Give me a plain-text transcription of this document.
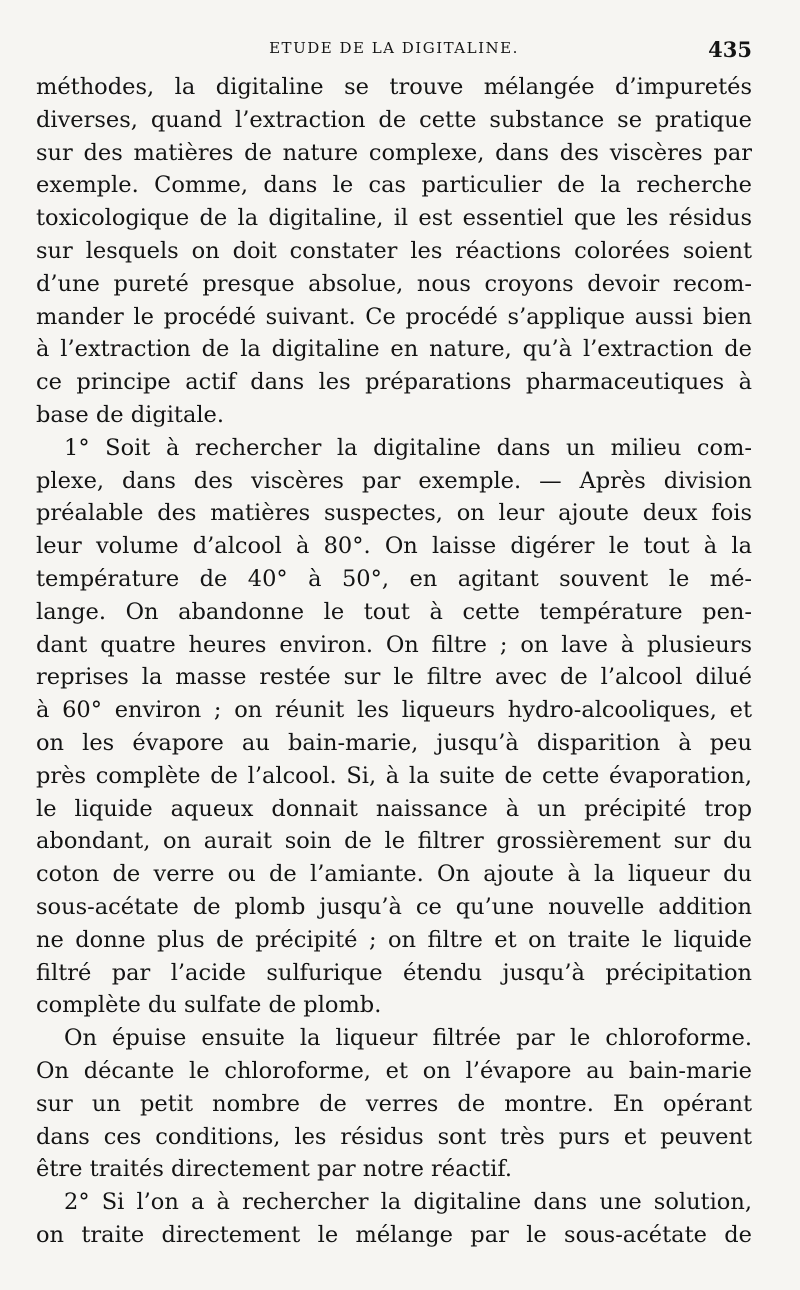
ETUDE DE LA DIGITALINE.	435

méthodes, la digitaline se trouve mélangée d’impuretés
diverses, quand l’extraction de cette substance se pratique
sur des matières de nature complexe, dans des viscères par
exemple. Comme, dans le cas particulier de la recherche
toxicologique de la digitaline, il est essentiel que les résidus
sur lesquels on doit constater les réactions colorées soient
d’une pureté presque absolue, nous croyons devoir recom-
mander le procédé suivant. Ce procédé s’applique aussi bien
à l’extraction de la digitaline en nature, qu’à l’extraction de
ce principe actif dans les préparations pharmaceutiques à
base de digitale.

1° Soit à rechercher la digitaline dans un milieu com-
plexe, dans des viscères par exemple. — Après division
préalable des matières suspectes, on leur ajoute deux fois
leur volume d’alcool à 80°. On laisse digérer le tout à la
température de 40° à 50°, en agitant souvent le mé-
lange. On abandonne le tout à cette température pen-
dant quatre heures environ. On filtre ; on lave à plusieurs
reprises la masse restée sur le filtre avec de l’alcool dilué
à 60° environ ; on réunit les liqueurs hydro-alcooliques, et
on les évapore au bain-marie, jusqu’à disparition à peu
près complète de l’alcool. Si, à la suite de cette évaporation,
le liquide aqueux donnait naissance à un précipité trop
abondant, on aurait soin de le filtrer grossièrement sur du
coton de verre ou de l’amiante. On ajoute à la liqueur du
sous-acétate de plomb jusqu’à ce qu’une nouvelle addition
ne donne plus de précipité ; on filtre et on traite le liquide
filtré par l’acide sulfurique étendu jusqu’à précipitation
complète du sulfate de plomb.

On épuise ensuite la liqueur filtrée par le chloroforme.
On décante le chloroforme, et on l’évapore au bain-marie
sur un petit nombre de verres de montre. En opérant
dans ces conditions, les résidus sont très purs et peuvent
être traités directement par notre réactif.

2° Si l’on a à rechercher la digitaline dans une solution,
on traite directement le mélange par le sous-acétate de
